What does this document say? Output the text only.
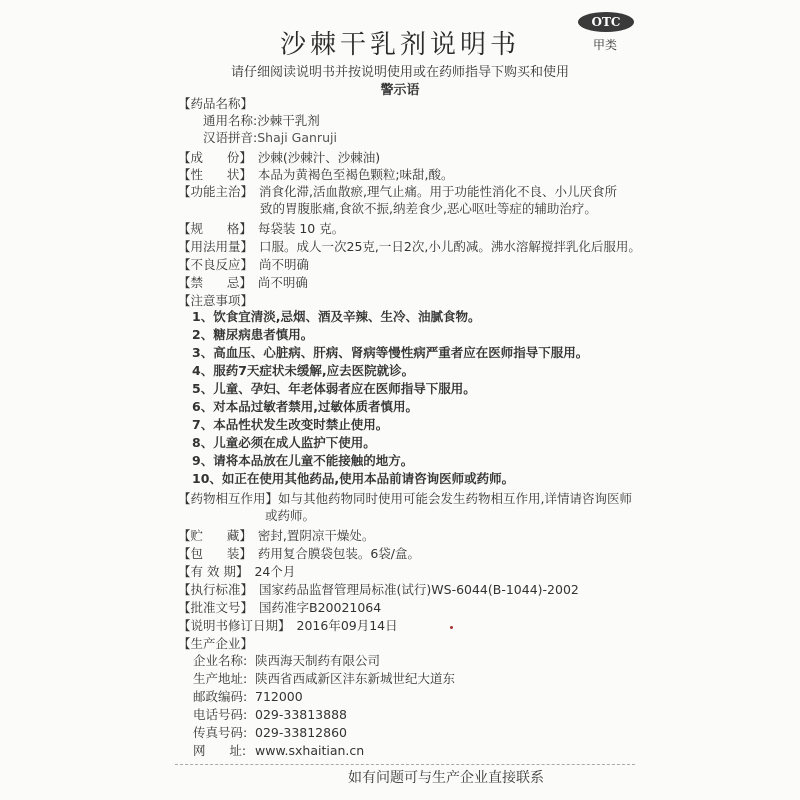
沙棘干乳剂说明书
OTC
甲类
请仔细阅读说明书并按说明使用或在药师指导下购买和使用
警示语
【药品名称】
通用名称:沙棘干乳剂
汉语拼音:Shaji Ganruji
【成      份】 沙棘(沙棘汁、沙棘油)
【性      状】 本品为黄褐色至褐色颗粒;味甜,酸。
【功能主治】 消食化滞,活血散瘀,理气止痛。用于功能性消化不良、小儿厌食所
致的胃腹胀痛,食欲不振,纳差食少,恶心呕吐等症的辅助治疗。
【规      格】 每袋装 10 克。
【用法用量】 口服。成人一次25克,一日2次,小儿酌减。沸水溶解搅拌乳化后服用。
【不良反应】 尚不明确
【禁      忌】 尚不明确
【注意事项】
1、饮食宜清淡,忌烟、酒及辛辣、生冷、油腻食物。
2、糖尿病患者慎用。
3、高血压、心脏病、肝病、肾病等慢性病严重者应在医师指导下服用。
4、服药7天症状未缓解,应去医院就诊。
5、儿童、孕妇、年老体弱者应在医师指导下服用。
6、对本品过敏者禁用,过敏体质者慎用。
7、本品性状发生改变时禁止使用。
8、儿童必须在成人监护下使用。
9、请将本品放在儿童不能接触的地方。
10、如正在使用其他药品,使用本品前请咨询医师或药师。
【药物相互作用】如与其他药物同时使用可能会发生药物相互作用,详情请咨询医师
或药师。
【贮      藏】 密封,置阴凉干燥处。
【包      装】 药用复合膜袋包装。6袋/盒。
【有 效 期】 24个月
【执行标准】 国家药品监督管理局标准(试行)WS-6044(B-1044)-2002
【批准文号】 国药准字B20021064
【说明书修订日期】 2016年09月14日
【生产企业】
企业名称: 陕西海天制药有限公司
生产地址: 陕西省西咸新区沣东新城世纪大道东
邮政编码: 712000
电话号码: 029-33813888
传真号码: 029-33812860
网      址: www.sxhaitian.cn
如有问题可与生产企业直接联系
